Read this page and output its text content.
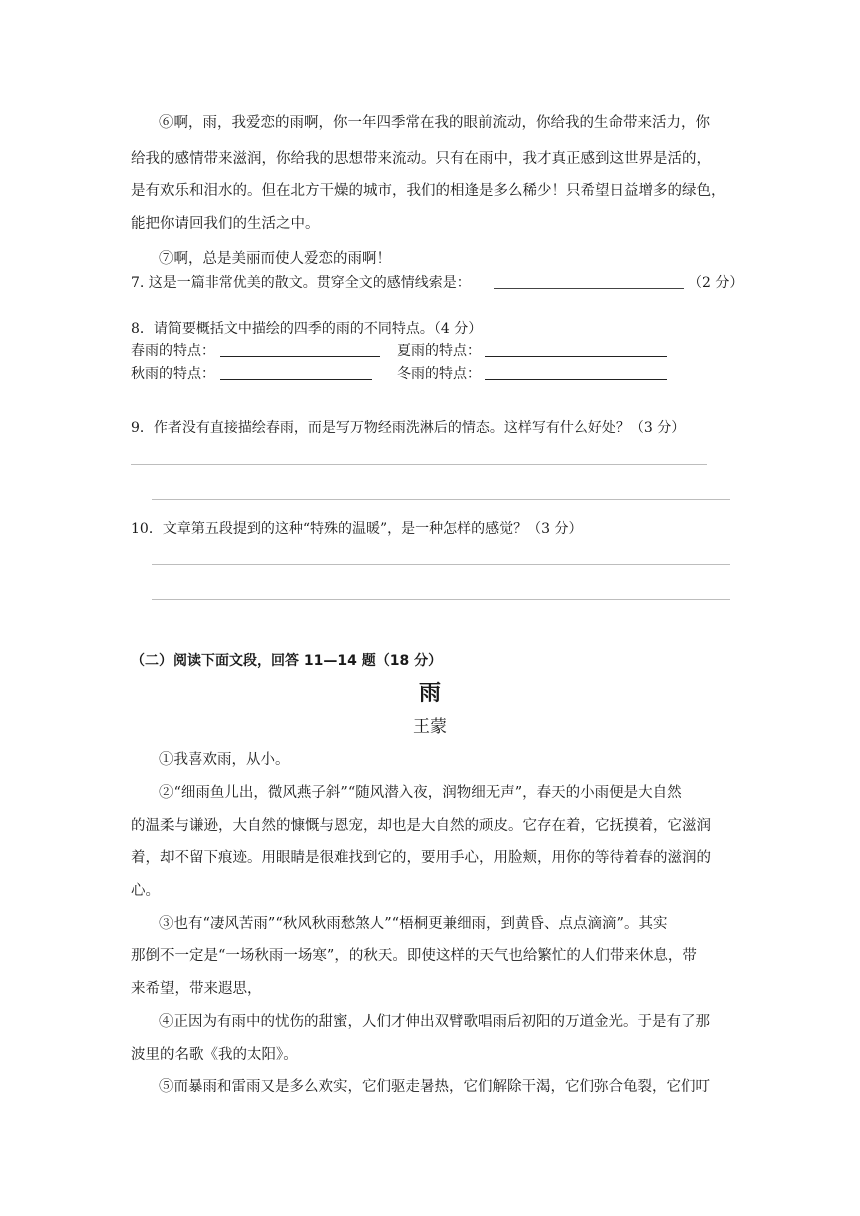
⑥啊，雨，我爱恋的雨啊，你一年四季常在我的眼前流动，你给我的生命带来活力，你
给我的感情带来滋润，你给我的思想带来流动。只有在雨中，我才真正感到这世界是活的，
是有欢乐和泪水的。但在北方干燥的城市，我们的相逢是多么稀少！只希望日益增多的绿色，
能把你请回我们的生活之中。
⑦啊，总是美丽而使人爱恋的雨啊！
7. 这是一篇非常优美的散文。贯穿全文的感情线索是：	（2 分）
8．请简要概括文中描绘的四季的雨的不同特点。（4 分）
春雨的特点：	夏雨的特点：
秋雨的特点：	冬雨的特点：
9．作者没有直接描绘春雨，而是写万物经雨洗淋后的情态。这样写有什么好处？（3 分）
10．文章第五段提到的这种“特殊的温暖”，是一种怎样的感觉？（3 分）
（二）阅读下面文段，回答 11—14 题（18 分）
雨
王蒙
①我喜欢雨，从小。
②“细雨鱼儿出，微风燕子斜”“随风潜入夜，润物细无声”，春天的小雨便是大自然
的温柔与谦逊，大自然的慷慨与恩宠，却也是大自然的顽皮。它存在着，它抚摸着，它滋润
着，却不留下痕迹。用眼睛是很难找到它的，要用手心，用脸颊，用你的等待着春的滋润的
心。
③也有“凄风苦雨”“秋风秋雨愁煞人”“梧桐更兼细雨，到黄昏、点点滴滴”。其实
那倒不一定是“一场秋雨一场寒”，的秋天。即使这样的天气也给繁忙的人们带来休息，带
来希望，带来遐思，
④正因为有雨中的忧伤的甜蜜，人们才伸出双臂歌唱雨后初阳的万道金光。于是有了那
波里的名歌《我的太阳》。
⑤而暴雨和雷雨又是多么欢实，它们驱走暑热，它们解除干渴，它们弥合龟裂，它们叮
